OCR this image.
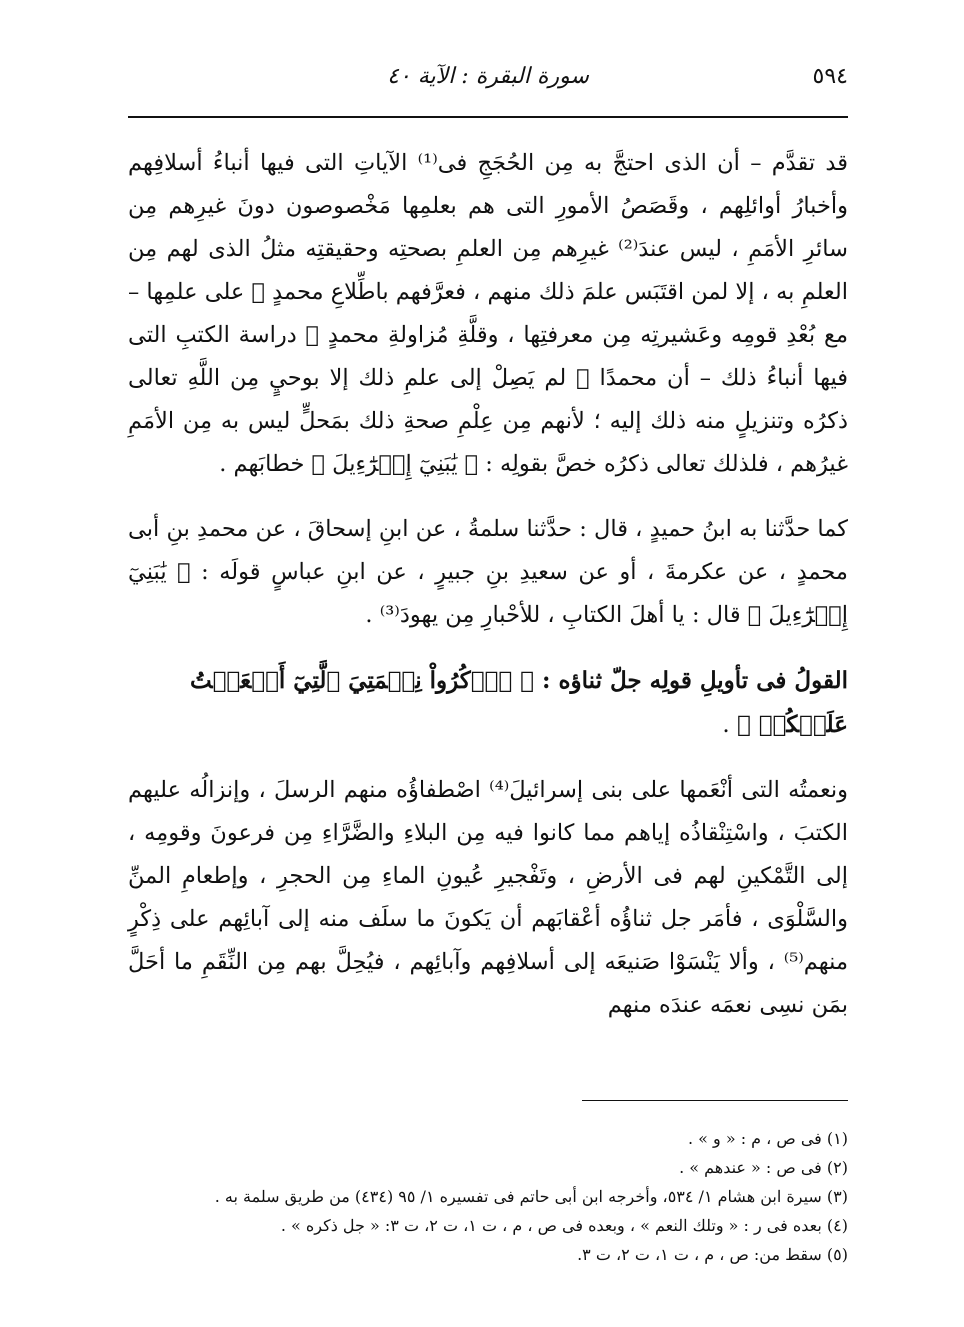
٥٩٤
سورة البقرة : الآية ٤٠

قد تقدَّم – أن الذى احتجَّ به مِن الحُجَجِ فى⁽¹⁾ الآياتِ التى فيها أنباءُ أسلافِهم وأخبارُ أوائلِهم ، وقَصَصُ الأمورِ التى هم بعلمِها مَخْصوصون دونَ غيرِهم مِن سائرِ الأمَمِ ، ليس عندَ⁽²⁾ غيرِهم مِن العلمِ بصحتِه وحقيقتِه مثلُ الذى لهم مِن العلمِ به ، إلا لمن اقتَبَس علمَ ذلك منهم ، فعرَّفهم باطِّلاعِ محمدٍ ﷺ على علمِها – مع بُعْدِ قومِه وعَشيرتِه مِن معرفتِها ، وقلَّةِ مُزاولةِ محمدٍ ﷺ دراسة الكتبِ التى فيها أنباءُ ذلك – أن محمدًا ﷺ لم يَصِلْ إلى علمِ ذلك إلا بوحيٍ مِن اللَّهِ تعالى ذكرُه وتنزيلٍ منه ذلك إليه ؛ لأنهم مِن عِلْمِ صحةِ ذلك بمَحلٍّ ليس به مِن الأمَمِ غيرُهم ، فلذلك تعالى ذكرُه خصَّ بقولِه : ﴿ يَٰبَنِيٓ إِسۡرَٰٓءِيلَ ﴾ خطابَهم .

كما حدَّثنا به ابنُ حميدٍ ، قال : حدَّثنا سلمةُ ، عن ابنِ إسحاقَ ، عن محمدِ بنِ أبى محمدٍ ، عن عكرمةَ ، أو عن سعيدِ بنِ جبيرٍ ، عن ابنِ عباسٍ قولَه : ﴿ يَٰبَنِيٓ إِسۡرَٰٓءِيلَ ﴾ قال : يا أهلَ الكتابِ ، للأحْبارِ مِن يهودَ⁽³⁾ .

القولُ فى تأويلِ قولِه جلّ ثناؤه : ﴿ ٱذۡكُرُواْ نِعۡمَتِيَ ٱلَّتِيٓ أَنۡعَمۡتُ عَلَيۡكُمۡ ﴾ .

ونعمتُه التى أنْعَمها على بنى إسرائيلَ⁽⁴⁾ اصْطفاؤُه منهم الرسلَ ، وإنزالُه عليهم الكتبَ ، واسْتِنْقاذُه إياهم مما كانوا فيه مِن البلاءِ والضَّرَّاءِ مِن فرعونَ وقومِه ، إلى التَّمْكينِ لهم فى الأرضِ ، وتَفْجيرِ عُيونِ الماءِ مِن الحجرِ ، وإطعامِ المنِّ والسَّلْوَى ، فأمَر جل ثناؤُه أعْقابَهم أن يَكونَ ما سلَف منه إلى آبائِهم على ذِكْرٍ منهم⁽⁵⁾ ، وألا يَنْسَوْا صَنيعَه إلى أسلافِهم وآبائِهم ، فيُحِلَّ بهم مِن النِّقَمِ ما أحَلَّ بمَن نسِى نعمَه عندَه منهم

(١) فى ص ، م : « و » .

(٢) فى ص : « عندهم » .

(٣) سيرة ابن هشام ١/ ٥٣٤، وأخرجه ابن أبى حاتم فى تفسيره ١/ ٩٥ (٤٣٤) من طريق سلمة به .

(٤) بعده فى ر : « وتلك النعم » ، وبعده فى ص ، م ، ت ١، ت ٢، ت ٣: « جل ذكره » .

(٥) سقط من: ص ، م ، ت ١، ت ٢، ت ٣.
